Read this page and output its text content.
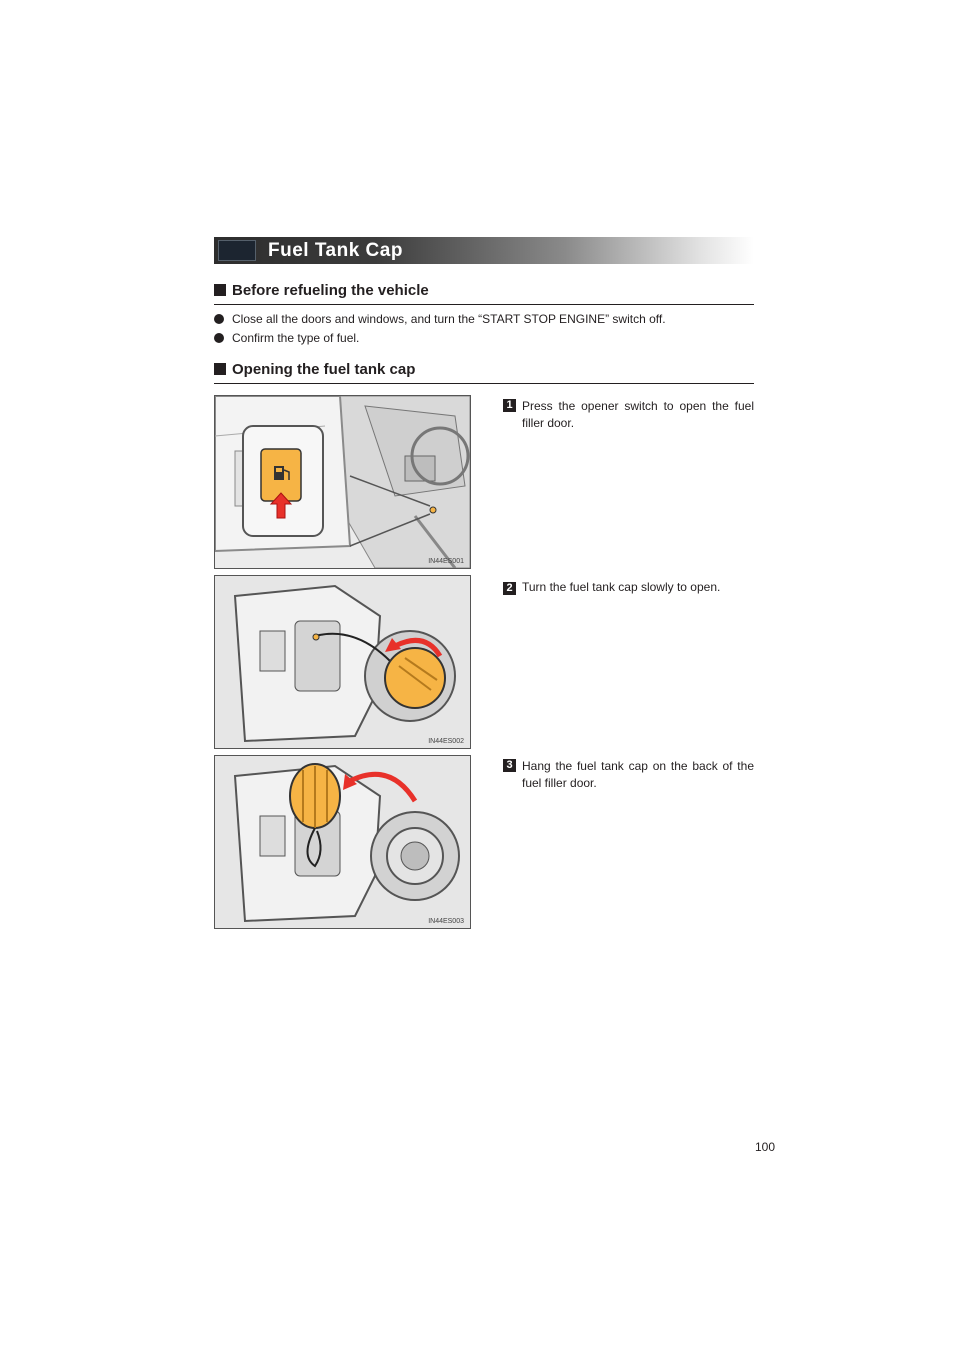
Fuel Tank Cap
Before refueling the vehicle
Close all the doors and windows, and turn the “START STOP ENGINE” switch off.
Confirm the type of fuel.
Opening the fuel tank cap
IN44ES001
1 Press the opener switch to open the fuel filler door.
IN44ES002
2 Turn the fuel tank cap slowly to open.
IN44ES003
3 Hang the fuel tank cap on the back of the fuel filler door.
100
